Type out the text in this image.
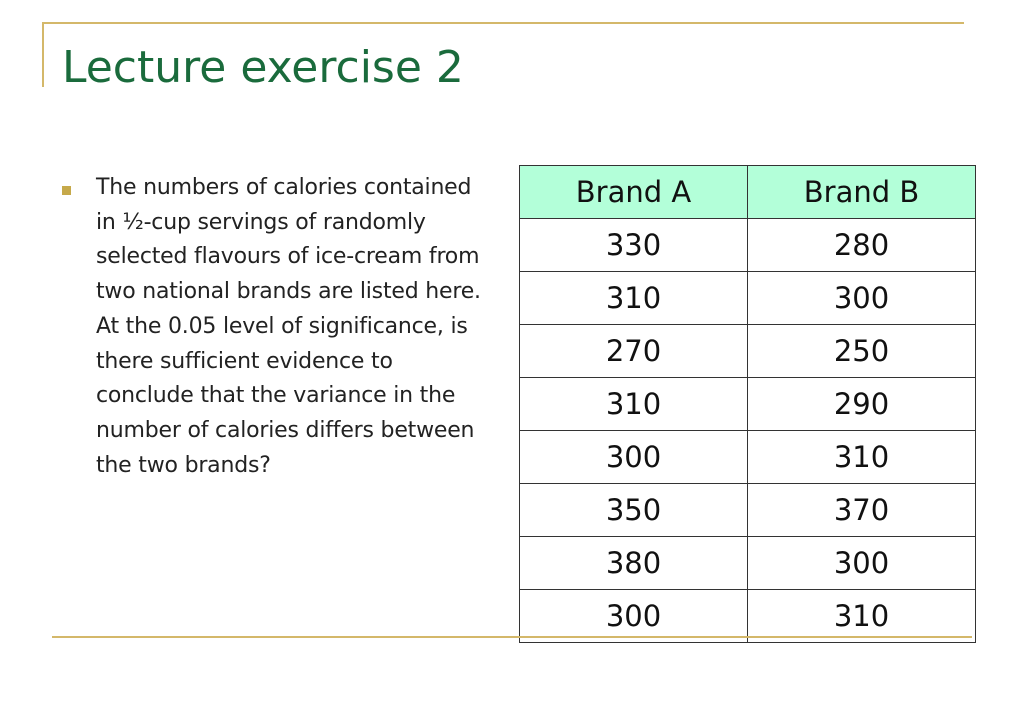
Lecture exercise 2

The numbers of calories contained in ½-cup servings of randomly selected flavours of ice-cream from two national brands are listed here. At the 0.05 level of significance, is there sufficient evidence to conclude that the variance in the number of calories differs between the two brands?

Brand A	Brand B
330	280
310	300
270	250
310	290
300	310
350	370
380	300
300	310
